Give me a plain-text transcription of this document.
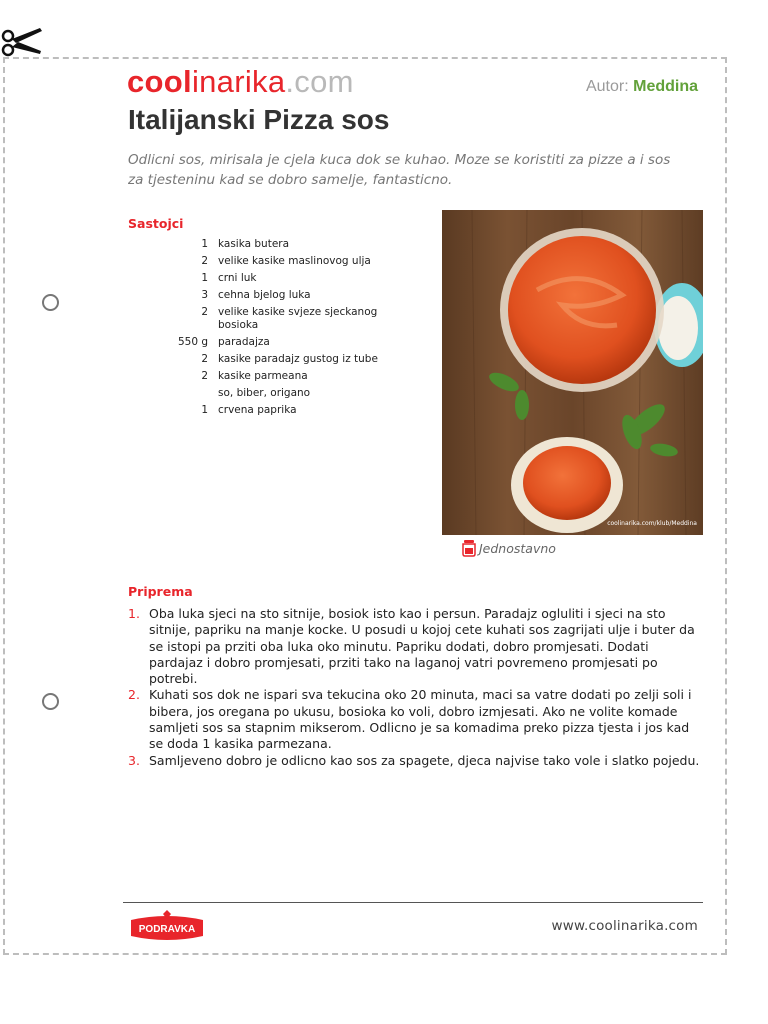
coolinarika.com	Autor: Meddina
Italijanski Pizza sos

Odlicni sos, mirisala je cjela kuca dok se kuhao. Moze se koristiti za pizze a i sos za tjesteninu kad se dobro samelje, fantasticno.

Sastojci
1 kasika butera
2 velike kasike maslinovog ulja
1 crni luk
3 cehna bjelog luka
2 velike kasike svjeze sjeckanog bosioka
550 g paradajza
2 kasike paradajz gustog iz tube
2 kasike parmeana
so, biber, origano
1 crvena paprika
coolinarika.com/klub/Meddina
Jednostavno
Priprema
1. Oba luka sjeci na sto sitnije, bosiok isto kao i persun. Paradajz ogluliti i sjeci na sto sitnije, papriku na manje kocke. U posudi u kojoj cete kuhati sos zagrijati ulje i buter da se istopi pa prziti oba luka oko minutu. Papriku dodati, dobro promjesati. Dodati pardajaz i dobro promjesati, prziti tako na laganoj vatri povremeno promjesati po potrebi.
2. Kuhati sos dok ne ispari sva tekucina oko 20 minuta, maci sa vatre dodati po zelji soli i bibera, jos oregana po ukusu, bosioka ko voli, dobro izmjesati. Ako ne volite komade samljeti sos sa stapnim mikserom. Odlicno je sa komadima preko pizza tjesta i jos kad se doda 1 kasika parmezana.
3. Samljeveno dobro je odlicno kao sos za spagete, djeca najvise tako vole i slatko pojedu.
PODRAVKA	www.coolinarika.com
